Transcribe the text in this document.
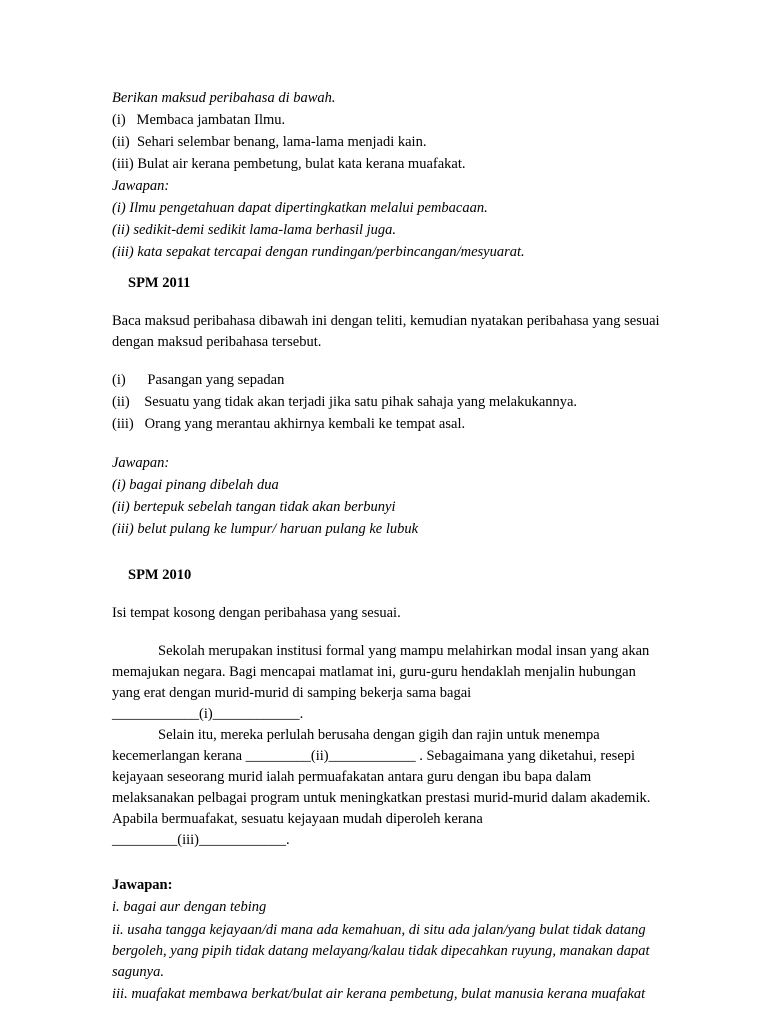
Berikan maksud peribahasa di bawah.

(i)   Membaca jambatan Ilmu.

(ii)  Sehari selembar benang, lama-lama menjadi kain.

(iii) Bulat air kerana pembetung, bulat kata kerana muafakat.

Jawapan:

(i) Ilmu pengetahuan dapat dipertingkatkan melalui pembacaan.

(ii) sedikit-demi sedikit lama-lama berhasil juga.

(iii) kata sepakat tercapai dengan rundingan/perbincangan/mesyuarat.

SPM 2011

Baca maksud peribahasa dibawah ini dengan teliti, kemudian nyatakan peribahasa yang sesuai dengan maksud peribahasa tersebut.

(i)      Pasangan yang sepadan

(ii)    Sesuatu yang tidak akan terjadi jika satu pihak sahaja yang melakukannya.

(iii)   Orang yang merantau akhirnya kembali ke tempat asal.

Jawapan:

(i) bagai pinang dibelah dua

(ii) bertepuk sebelah tangan tidak akan berbunyi

(iii) belut pulang ke lumpur/ haruan pulang ke lubuk

SPM 2010

Isi tempat kosong dengan peribahasa yang sesuai.

Sekolah merupakan institusi formal yang mampu melahirkan modal insan yang akan memajukan negara. Bagi mencapai matlamat ini, guru-guru hendaklah menjalin hubungan yang erat dengan murid-murid di samping bekerja sama bagai ____________(i)____________.

Selain itu, mereka perlulah berusaha dengan gigih dan rajin untuk menempa kecemerlangan kerana _________(ii)____________ . Sebagaimana yang diketahui, resepi kejayaan seseorang murid ialah permuafakatan antara guru dengan ibu bapa dalam melaksanakan pelbagai program untuk meningkatkan prestasi murid-murid dalam akademik. Apabila bermuafakat, sesuatu kejayaan mudah diperoleh kerana _________(iii)____________.

Jawapan:

i. bagai aur dengan tebing

ii. usaha tangga kejayaan/di mana ada kemahuan, di situ ada jalan/yang bulat tidak datang bergoleh, yang pipih tidak datang melayang/kalau tidak dipecahkan ruyung, manakan dapat sagunya.

iii. muafakat membawa berkat/bulat air kerana pembetung, bulat manusia kerana muafakat
